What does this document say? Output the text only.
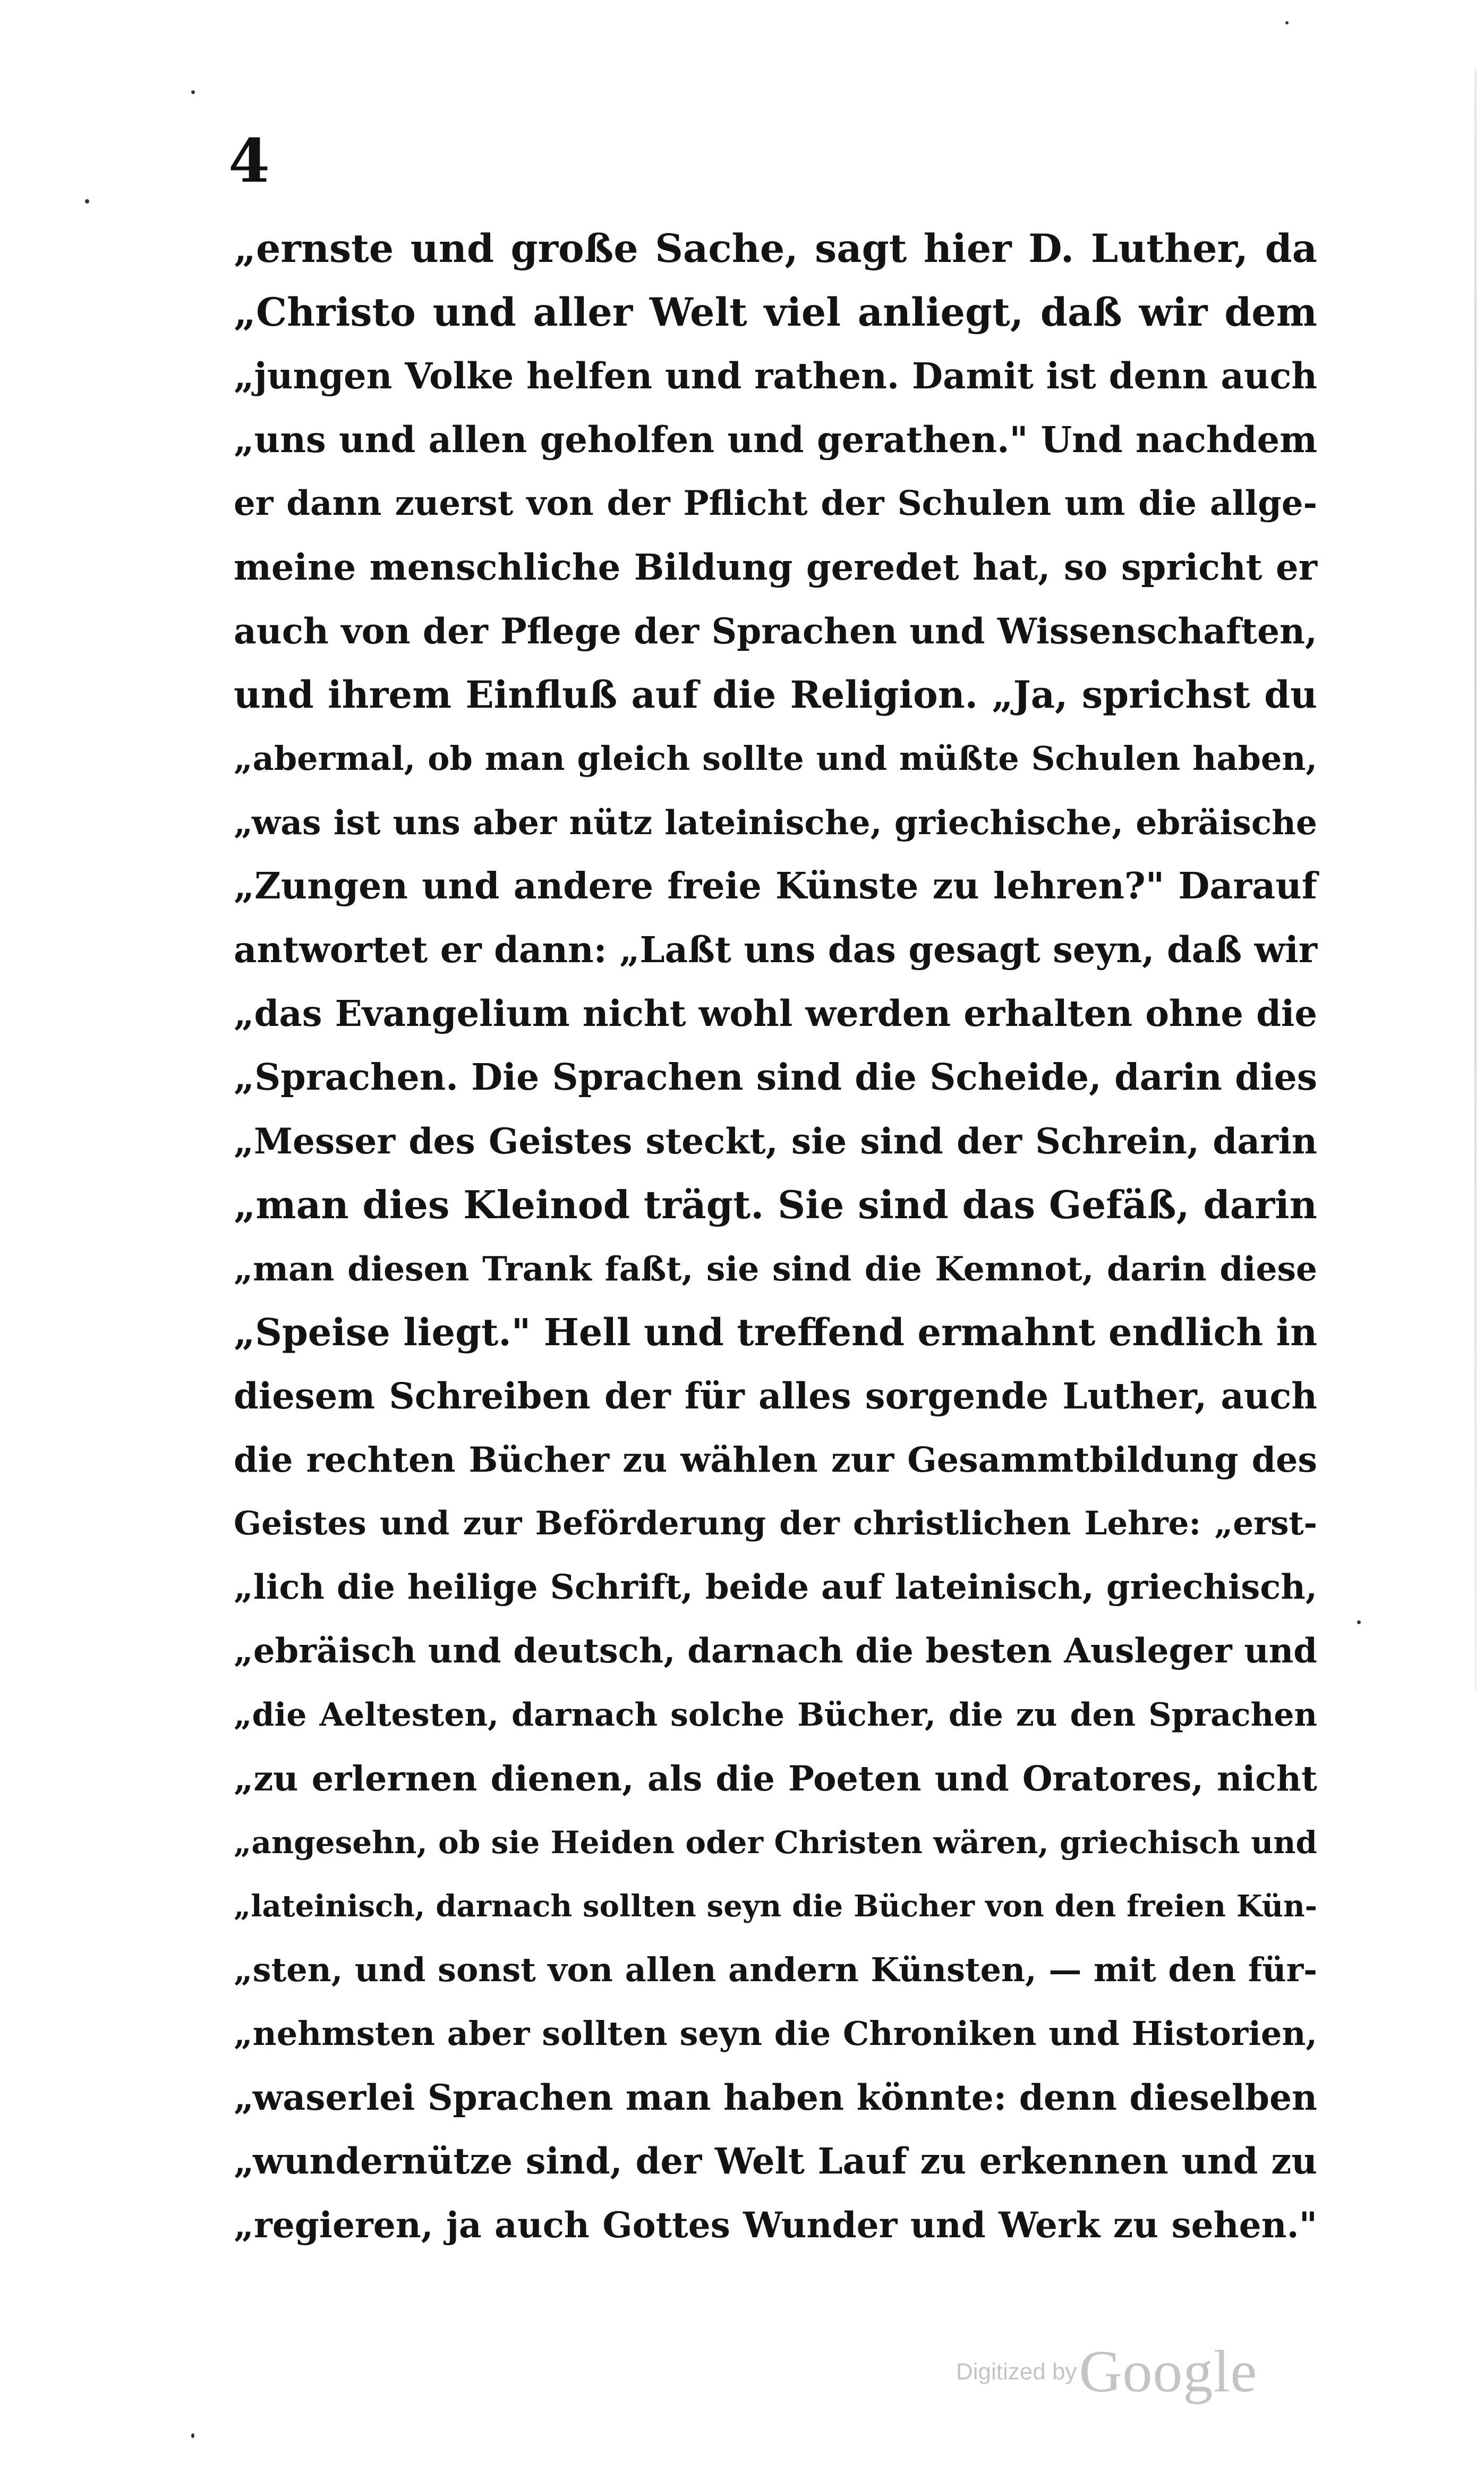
4
„ernste und große Sache, sagt hier D. Luther, da
„Christo und aller Welt viel anliegt, daß wir dem
„jungen Volke helfen und rathen. Damit ist denn auch
„uns und allen geholfen und gerathen." Und nachdem
er dann zuerst von der Pflicht der Schulen um die allge-
meine menschliche Bildung geredet hat, so spricht er
auch von der Pflege der Sprachen und Wissenschaften,
und ihrem Einfluß auf die Religion. „Ja, sprichst du
„abermal, ob man gleich sollte und müßte Schulen haben,
„was ist uns aber nütz lateinische, griechische, ebräische
„Zungen und andere freie Künste zu lehren?" Darauf
antwortet er dann: „Laßt uns das gesagt seyn, daß wir
„das Evangelium nicht wohl werden erhalten ohne die
„Sprachen. Die Sprachen sind die Scheide, darin dies
„Messer des Geistes steckt, sie sind der Schrein, darin
„man dies Kleinod trägt. Sie sind das Gefäß, darin
„man diesen Trank faßt, sie sind die Kemnot, darin diese
„Speise liegt." Hell und treffend ermahnt endlich in
diesem Schreiben der für alles sorgende Luther, auch
die rechten Bücher zu wählen zur Gesammtbildung des
Geistes und zur Beförderung der christlichen Lehre: „erst-
„lich die heilige Schrift, beide auf lateinisch, griechisch,
„ebräisch und deutsch, darnach die besten Ausleger und
„die Aeltesten, darnach solche Bücher, die zu den Sprachen
„zu erlernen dienen, als die Poeten und Oratores, nicht
„angesehn, ob sie Heiden oder Christen wären, griechisch und
„lateinisch, darnach sollten seyn die Bücher von den freien Kün-
„sten, und sonst von allen andern Künsten, — mit den für-
„nehmsten aber sollten seyn die Chroniken und Historien,
„waserlei Sprachen man haben könnte: denn dieselben
„wundernütze sind, der Welt Lauf zu erkennen und zu
„regieren, ja auch Gottes Wunder und Werk zu sehen."
Digitized by Google
